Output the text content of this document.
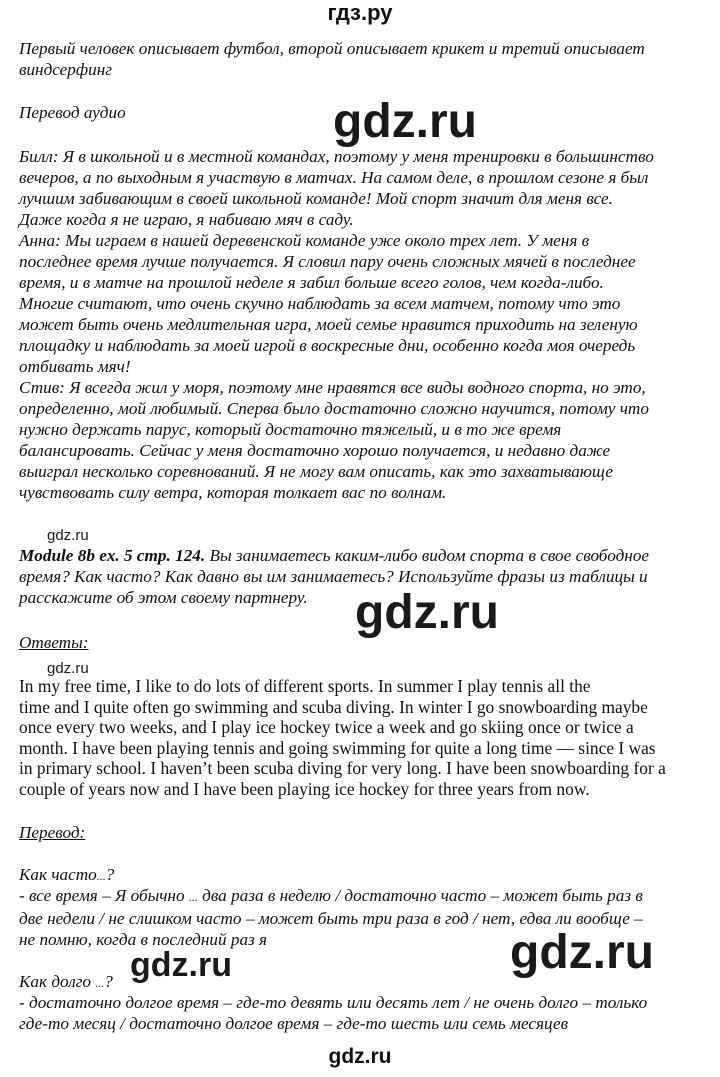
гдз.ру
Первый человек описывает футбол, второй описывает крикет и третий описывает
виндсерфинг
Перевод аудио	gdz.ru
Билл: Я в школьной и в местной командах, поэтому у меня тренировки в большинство
вечеров, а по выходным я участвую в матчах. На самом деле, в прошлом сезоне я был
лучшим забивающим в своей школьной команде! Мой спорт значит для меня все.
Даже когда я не играю, я набиваю мяч в саду.
Анна: Мы играем в нашей деревенской команде уже около трех лет. У меня в
последнее время лучше получается. Я словил пару очень сложных мячей в последнее
время, и в матче на прошлой неделе я забил больше всего голов, чем когда-либо.
Многие считают, что очень скучно наблюдать за всем матчем, потому что это
может быть очень медлительная игра, моей семье нравится приходить на зеленую
площадку и наблюдать за моей игрой в воскресные дни, особенно когда моя очередь
отбивать мяч!
Стив: Я всегда жил у моря, поэтому мне нравятся все виды водного спорта, но это,
определенно, мой любимый. Сперва было достаточно сложно научится, потому что
нужно держать парус, который достаточно тяжелый, и в то же время
балансировать. Сейчас у меня достаточно хорошо получается, и недавно даже
выиграл несколько соревнований. Я не могу вам описать, как это захватывающе
чувствовать силу ветра, которая толкает вас по волнам.
gdz.ru
Module 8b ex. 5 стр. 124. Вы занимаетесь каким-либо видом спорта в свое свободное
время? Как часто? Как давно вы им занимаетесь? Используйте фразы из таблицы и
расскажите об этом своему партнеру. gdz.ru
Ответы:
gdz.ru
In my free time, I like to do lots of different sports. In summer I play tennis all the
time and I quite often go swimming and scuba diving. In winter I go snowboarding maybe
once every two weeks, and I play ice hockey twice a week and go skiing once or twice a
month. I have been playing tennis and going swimming for quite a long time — since I was
in primary school. I haven’t been scuba diving for very long. I have been snowboarding for a
couple of years now and I have been playing ice hockey for three years from now.
Перевод:
Как часто...?
- все время – Я обычно ... два раза в неделю / достаточно часто – может быть раз в
две недели / не слишком часто – может быть три раза в год / нет, едва ли вообще –
не помню, когда в последний раз я	gdz.ru
gdz.ru
Как долго ...?
- достаточно долгое время – где-то девять или десять лет / не очень долго – только
где-то месяц / достаточно долгое время – где-то шесть или семь месяцев
gdz.ru
